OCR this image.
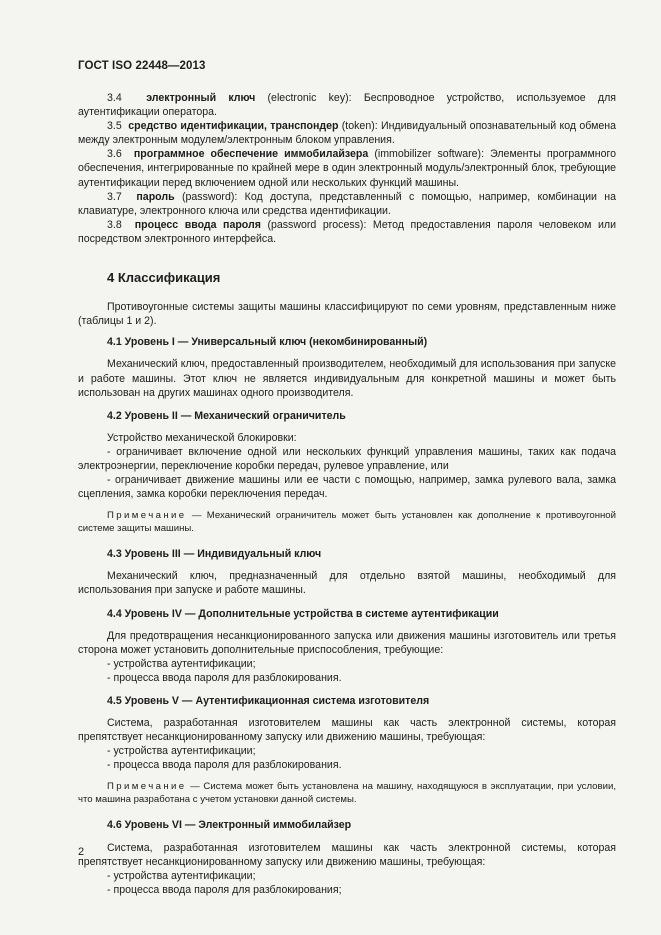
ГОСТ ISO 22448—2013

3.4 электронный ключ (electronic key): Беспроводное устройство, используемое для аутентификации оператора.

3.5 средство идентификации, транспондер (token): Индивидуальный опознавательный код обмена между электронным модулем/электронным блоком управления.

3.6 программное обеспечение иммобилайзера (immobilizer software): Элементы программного обеспечения, интегрированные по крайней мере в один электронный модуль/электронный блок, требующие аутентификации перед включением одной или нескольких функций машины.

3.7 пароль (password): Код доступа, представленный с помощью, например, комбинации на клавиатуре, электронного ключа или средства идентификации.

3.8 процесс ввода пароля (password process): Метод предоставления пароля человеком или посредством электронного интерфейса.

4 Классификация

Противоугонные системы защиты машины классифицируют по семи уровням, представленным ниже (таблицы 1 и 2).

4.1 Уровень I — Универсальный ключ (некомбинированный)

Механический ключ, предоставленный производителем, необходимый для использования при запуске и работе машины. Этот ключ не является индивидуальным для конкретной машины и может быть использован на других машинах одного производителя.

4.2 Уровень II — Механический ограничитель

Устройство механической блокировки:

- ограничивает включение одной или нескольких функций управления машины, таких как подача электроэнергии, переключение коробки передач, рулевое управление, или

- ограничивает движение машины или ее части с помощью, например, замка рулевого вала, замка сцепления, замка коробки переключения передач.

Примечание — Механический ограничитель может быть установлен как дополнение к противоугонной системе защиты машины.

4.3 Уровень III — Индивидуальный ключ

Механический ключ, предназначенный для отдельно взятой машины, необходимый для использования при запуске и работе машины.

4.4 Уровень IV — Дополнительные устройства в системе аутентификации

Для предотвращения несанкционированного запуска или движения машины изготовитель или третья сторона может установить дополнительные приспособления, требующие:

- устройства аутентификации;

- процесса ввода пароля для разблокирования.

4.5 Уровень V — Аутентификационная система изготовителя

Система, разработанная изготовителем машины как часть электронной системы, которая препятствует несанкционированному запуску или движению машины, требующая:

- устройства аутентификации;

- процесса ввода пароля для разблокирования.

Примечание — Система может быть установлена на машину, находящуюся в эксплуатации, при условии, что машина разработана с учетом установки данной системы.

4.6 Уровень VI — Электронный иммобилайзер

Система, разработанная изготовителем машины как часть электронной системы, которая препятствует несанкционированному запуску или движению машины, требующая:

- устройства аутентификации;

- процесса ввода пароля для разблокирования;

2
